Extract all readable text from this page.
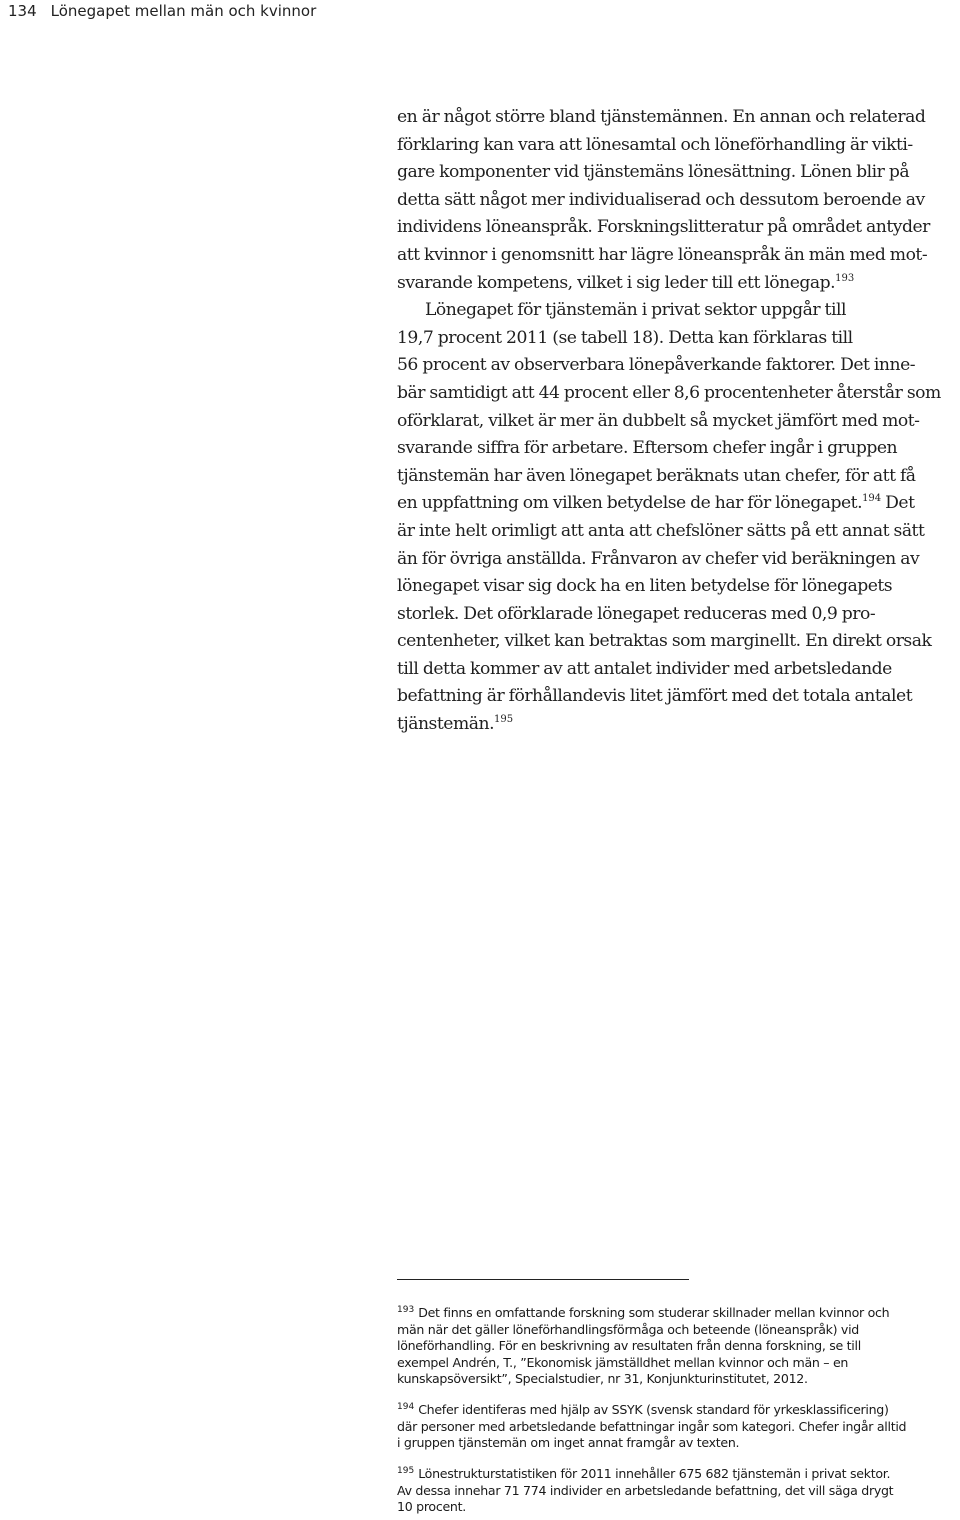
134 Lönegapet mellan män och kvinnor
en är något större bland tjänstemännen. En annan och relaterad
förklaring kan vara att lönesamtal och löneförhandling är vikti-
gare komponenter vid tjänstemäns lönesättning. Lönen blir på
detta sätt något mer individualiserad och dessutom beroende av
individens löneanspråk. Forskningslitteratur på området antyder
att kvinnor i genomsnitt har lägre löneanspråk än män med mot-
svarande kompetens, vilket i sig leder till ett lönegap.$^{193}$
Lönegapet för tjänstemän i privat sektor uppgår till
19,7 procent 2011 (se tabell 18). Detta kan förklaras till
56 procent av observerbara lönepåverkande faktorer. Det inne-
bär samtidigt att 44 procent eller 8,6 procentenheter återstår som
oförklarat, vilket är mer än dubbelt så mycket jämfört med mot-
svarande siffra för arbetare. Eftersom chefer ingår i gruppen
tjänstemän har även lönegapet beräknats utan chefer, för att få
en uppfattning om vilken betydelse de har för lönegapet.$^{194}$ Det
är inte helt orimligt att anta att chefslöner sätts på ett annat sätt
än för övriga anställda. Frånvaron av chefer vid beräkningen av
lönegapet visar sig dock ha en liten betydelse för lönegapets
storlek. Det oförklarade lönegapet reduceras med 0,9 pro-
centenheter, vilket kan betraktas som marginellt. En direkt orsak
till detta kommer av att antalet individer med arbetsledande
befattning är förhållandevis litet jämfört med det totala antalet
tjänstemän.$^{195}$
$^{193}$ Det finns en omfattande forskning som studerar skillnader mellan kvinnor och
män när det gäller löneförhandlingsförmåga och beteende (löneanspråk) vid
löneförhandling. För en beskrivning av resultaten från denna forskning, se till
exempel Andrén, T., ”Ekonomisk jämställdhet mellan kvinnor och män – en
kunskapsöversikt”, Specialstudier, nr 31, Konjunkturinstitutet, 2012.
$^{194}$ Chefer identiferas med hjälp av SSYK (svensk standard för yrkesklassificering)
där personer med arbetsledande befattningar ingår som kategori. Chefer ingår alltid
i gruppen tjänstemän om inget annat framgår av texten.
$^{195}$ Lönestrukturstatistiken för 2011 innehåller 675 682 tjänstemän i privat sektor.
Av dessa innehar 71 774 individer en arbetsledande befattning, det vill säga drygt
10 procent.
